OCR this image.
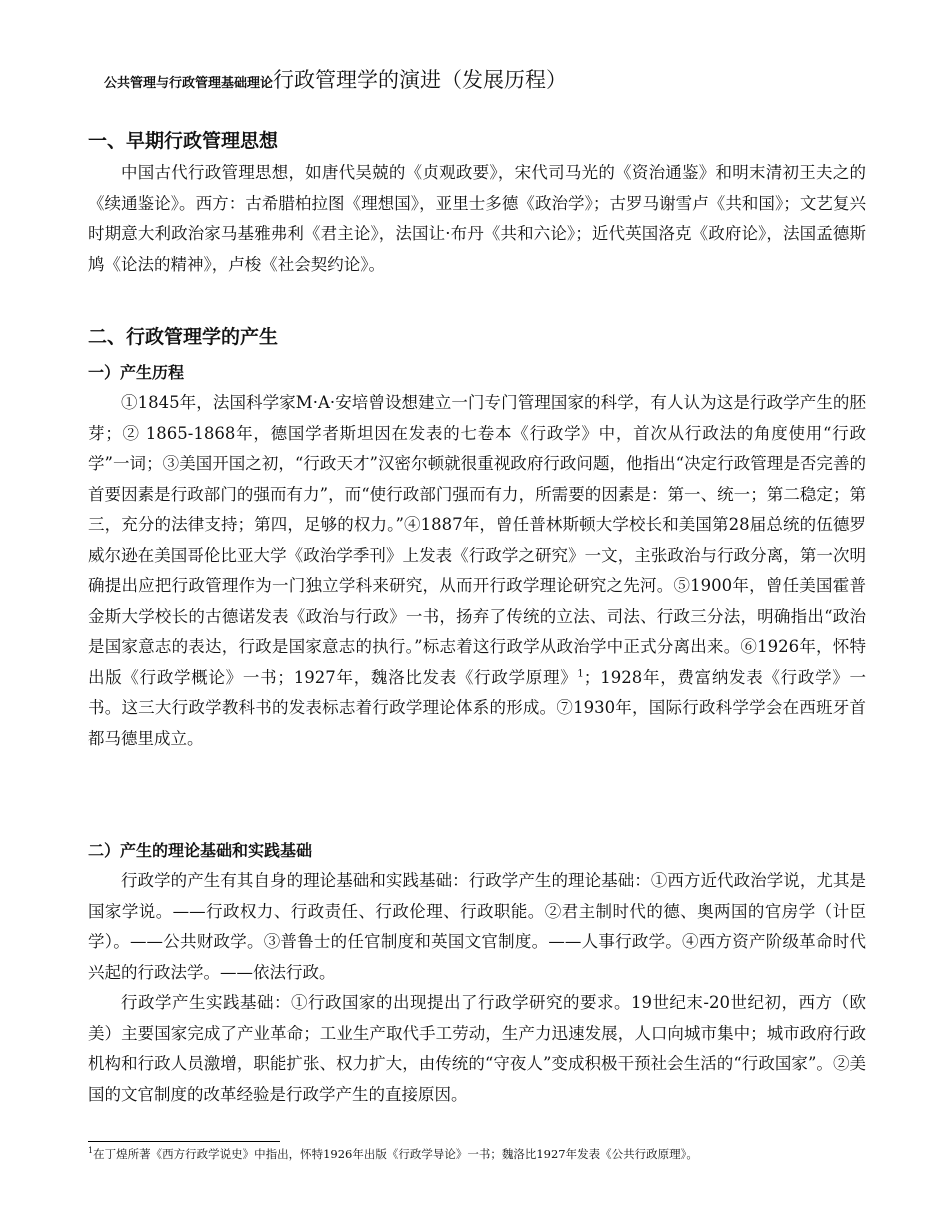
公共管理与行政管理基础理论行政管理学的演进（发展历程）
一、早期行政管理思想

中国古代行政管理思想，如唐代吴兢的《贞观政要》，宋代司马光的《资治通鉴》和明末清初王夫之的《续通鉴论》。西方：古希腊柏拉图《理想国》，亚里士多德《政治学》；古罗马谢雪卢《共和国》；文艺复兴时期意大利政治家马基雅弗利《君主论》，法国让·布丹《共和六论》；近代英国洛克《政府论》，法国孟德斯鸠《论法的精神》，卢梭《社会契约论》。

二、行政管理学的产生
一）产生历程

①1845年，法国科学家M·A·安培曾设想建立一门专门管理国家的科学，有人认为这是行政学产生的胚芽；② 1865-1868年，德国学者斯坦因在发表的七卷本《行政学》中，首次从行政法的角度使用“行政学”一词；③美国开国之初，“行政天才”汉密尔顿就很重视政府行政问题，他指出“决定行政管理是否完善的首要因素是行政部门的强而有力”，而“使行政部门强而有力，所需要的因素是：第一、统一；第二稳定；第三，充分的法律支持；第四，足够的权力。”④1887年，曾任普林斯顿大学校长和美国第28届总统的伍德罗威尔逊在美国哥伦比亚大学《政治学季刊》上发表《行政学之研究》一文，主张政治与行政分离，第一次明确提出应把行政管理作为一门独立学科来研究，从而开行政学理论研究之先河。⑤1900年，曾任美国霍普金斯大学校长的古德诺发表《政治与行政》一书，扬弃了传统的立法、司法、行政三分法，明确指出“政治是国家意志的表达，行政是国家意志的执行。”标志着这行政学从政治学中正式分离出来。⑥1926年，怀特出版《行政学概论》一书；1927年，魏洛比发表《行政学原理》$^1$；1928年，费富纳发表《行政学》一书。这三大行政学教科书的发表标志着行政学理论体系的形成。⑦1930年，国际行政科学学会在西班牙首都马德里成立。

二）产生的理论基础和实践基础

行政学的产生有其自身的理论基础和实践基础：行政学产生的理论基础：①西方近代政治学说，尤其是国家学说。——行政权力、行政责任、行政伦理、行政职能。②君主制时代的德、奥两国的官房学（计臣学）。——公共财政学。③普鲁士的任官制度和英国文官制度。——人事行政学。④西方资产阶级革命时代兴起的行政法学。——依法行政。

行政学产生实践基础：①行政国家的出现提出了行政学研究的要求。19世纪末-20世纪初，西方（欧美）主要国家完成了产业革命；工业生产取代手工劳动，生产力迅速发展，人口向城市集中；城市政府行政机构和行政人员激增，职能扩张、权力扩大，由传统的“守夜人”变成积极干预社会生活的“行政国家”。②美国的文官制度的改革经验是行政学产生的直接原因。

$^1$在丁煌所著《西方行政学说史》中指出，怀特1926年出版《行政学导论》一书；魏洛比1927年发表《公共行政原理》。
